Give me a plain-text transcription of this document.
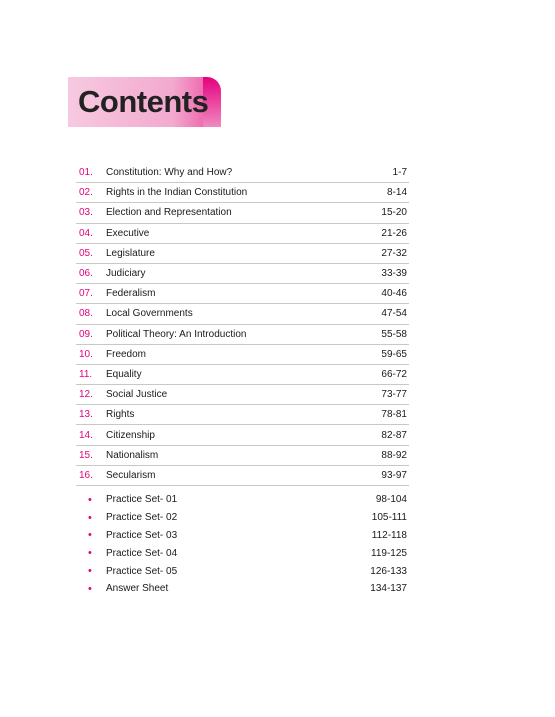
Contents
01.	Constitution: Why and How?	1-7
02.	Rights in the Indian Constitution	8-14
03.	Election and Representation	15-20
04.	Executive	21-26
05.	Legislature	27-32
06.	Judiciary	33-39
07.	Federalism	40-46
08.	Local Governments	47-54
09.	Political Theory: An Introduction	55-58
10.	Freedom	59-65
11.	Equality	66-72
12.	Social Justice	73-77
13.	Rights	78-81
14.	Citizenship	82-87
15.	Nationalism	88-92
16.	Secularism	93-97
•	Practice Set- 01	98-104
•	Practice Set- 02	105-111
•	Practice Set- 03	112-118
•	Practice Set- 04	119-125
•	Practice Set- 05	126-133
•	Answer Sheet	134-137
